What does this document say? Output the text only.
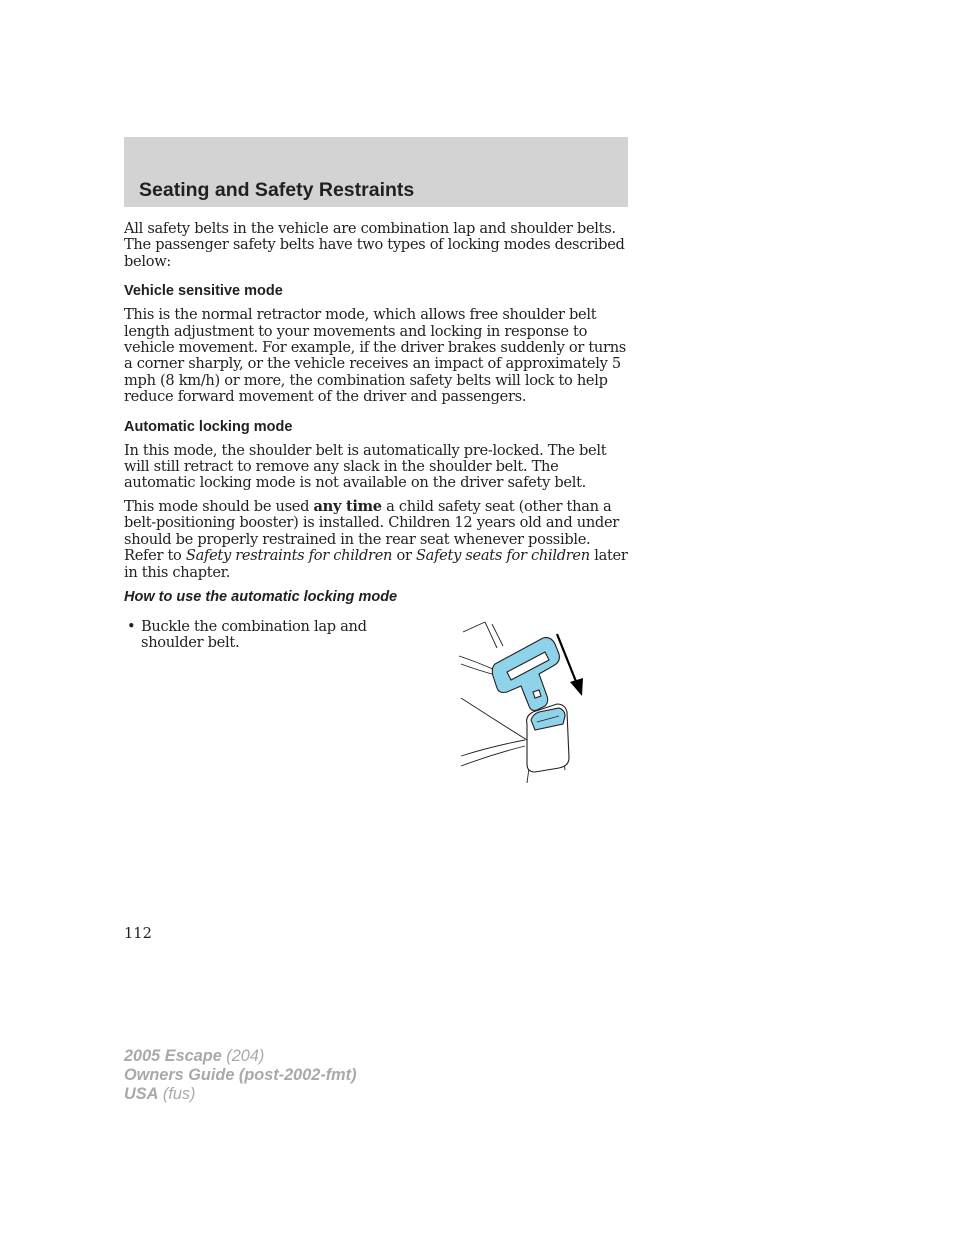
Seating and Safety Restraints

All safety belts in the vehicle are combination lap and shoulder belts. The passenger safety belts have two types of locking modes described below:

Vehicle sensitive mode

This is the normal retractor mode, which allows free shoulder belt length adjustment to your movements and locking in response to vehicle movement. For example, if the driver brakes suddenly or turns a corner sharply, or the vehicle receives an impact of approximately 5 mph (8 km/h) or more, the combination safety belts will lock to help reduce forward movement of the driver and passengers.

Automatic locking mode

In this mode, the shoulder belt is automatically pre-locked. The belt will still retract to remove any slack in the shoulder belt. The automatic locking mode is not available on the driver safety belt.

This mode should be used any time a child safety seat (other than a belt-positioning booster) is installed. Children 12 years old and under should be properly restrained in the rear seat whenever possible. Refer to Safety restraints for children or Safety seats for children later in this chapter.

How to use the automatic locking mode
• Buckle the combination lap and shoulder belt.
112
2005 Escape (204)
Owners Guide (post-2002-fmt)
USA (fus)
